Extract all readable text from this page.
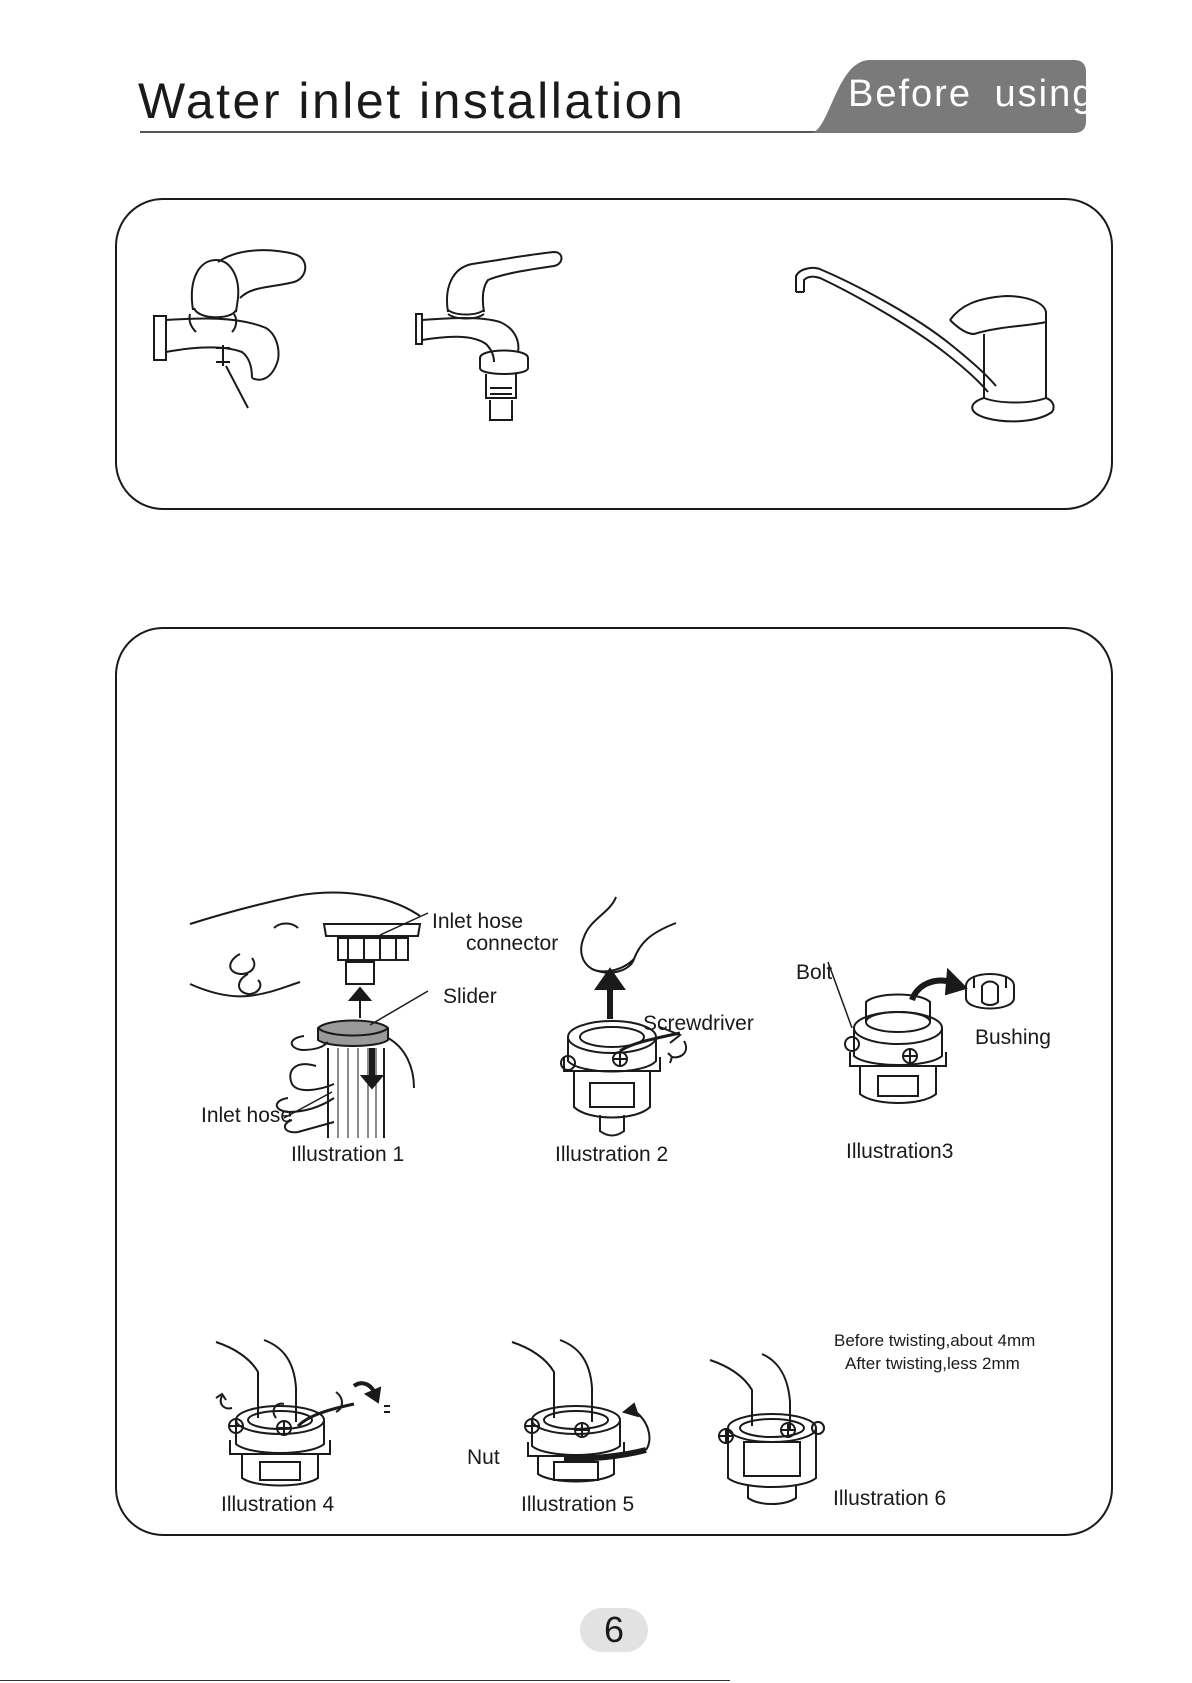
Water inlet installation	Before using
Inlet hose
connector
Slider
Inlet hose
Illustration 1
Screwdriver
Illustration 2
Bolt
Bushing
Illustration3
Illustration 4
Nut
Illustration 5
Before twisting,about 4mm
After twisting,less 2mm
Illustration 6
6
